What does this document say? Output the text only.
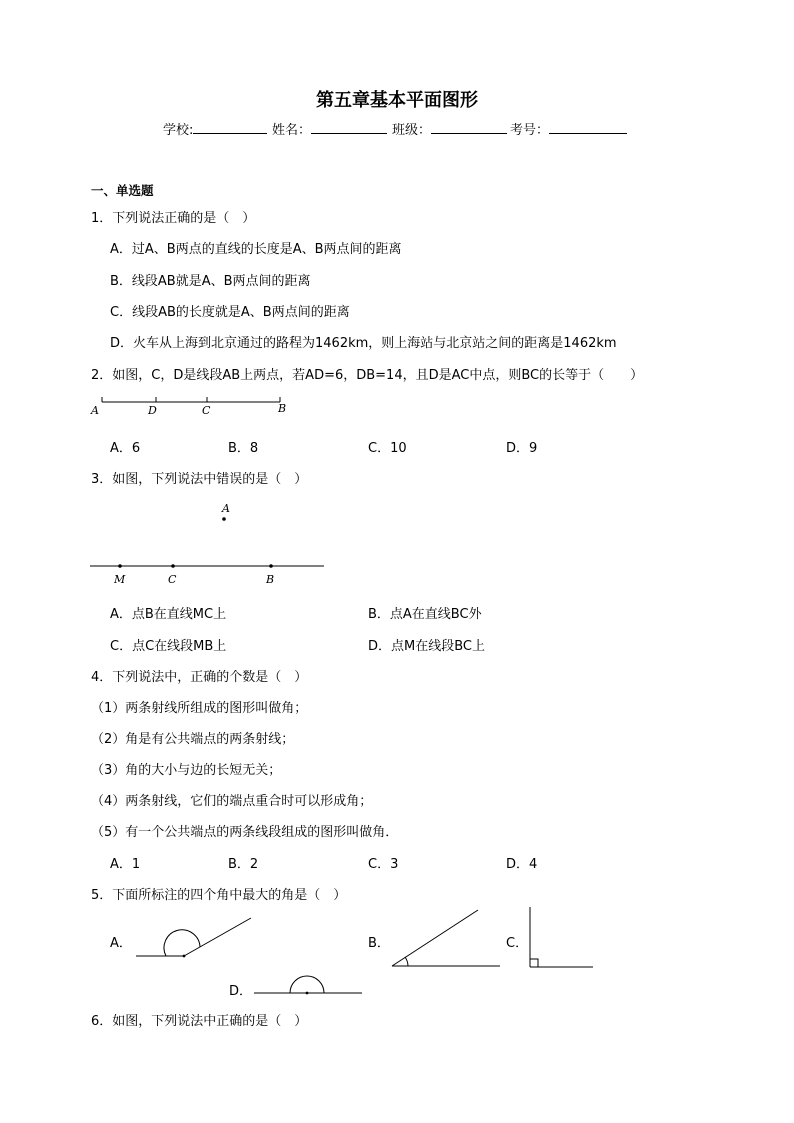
第五章基本平面图形
学校:	姓名：	班级：	考号：
一、单选题
1．下列说法正确的是（　）
A．过A、B两点的直线的长度是A、B两点间的距离
B．线段AB就是A、B两点间的距离
C．线段AB的长度就是A、B两点间的距离
D．火车从上海到北京通过的路程为1462km，则上海站与北京站之间的距离是1462km
2．如图，C，D是线段AB上两点，若AD=6，DB=14，且D是AC中点，则BC的长等于（　　）
A	D	C	B
A．6	B．8	C．10	D．9
3．如图，下列说法中错误的是（　）
A
M	C	B
A．点B在直线MC上	B．点A在直线BC外
C．点C在线段MB上	D．点M在线段BC上
4．下列说法中，正确的个数是（　）
（1）两条射线所组成的图形叫做角；
（2）角是有公共端点的两条射线；
（3）角的大小与边的长短无关；
（4）两条射线，它们的端点重合时可以形成角；
（5）有一个公共端点的两条线段组成的图形叫做角．
A．1	B．2	C．3	D．4
5．下面所标注的四个角中最大的角是（　）
A．	B．	C．
D．
6．如图，下列说法中正确的是（　）
